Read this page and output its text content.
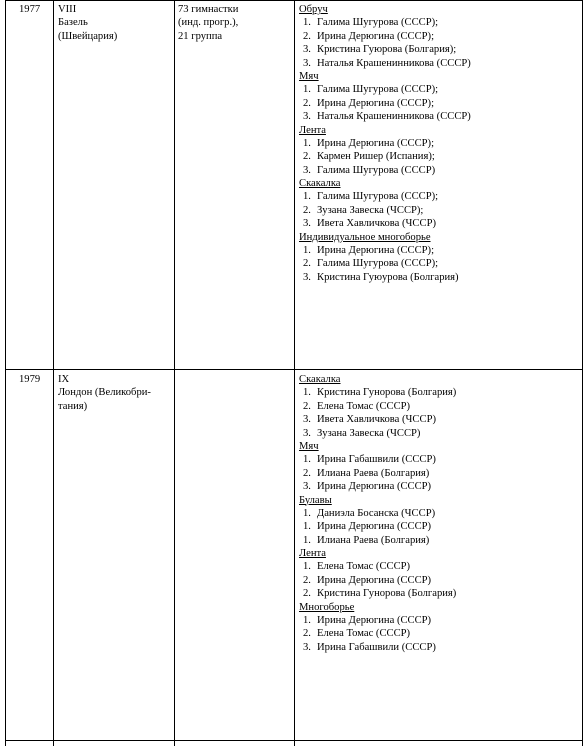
1977 VIII
Базель
(Швейцария)
73 гимнастки
(инд. прогр.),
21 группа
Обруч
1. Галима Шугурова (СССР);
2. Ирина Дерюгина (СССР);
3. Кристина Гуюрова (Болгария);
3. Наталья Крашенинникова (СССР)
Мяч
1. Галима Шугурова (СССР);
2. Ирина Дерюгина (СССР);
3. Наталья Крашенинникова (СССР)
Лента
1. Ирина Дерюгина (СССР);
2. Кармен Ришер (Испания);
3. Галима Шугурова (СССР)
Скакалка
1. Галима Шугурова (СССР);
2. Зузана Завеска (ЧССР);
3. Ивета Хавличкова (ЧССР)
Индивидуальное многоборье
1. Ирина Дерюгина (СССР);
2. Галима Шугурова (СССР);
3. Кристина Гуюурова (Болгария)
1979 IX
Лондон (Великобри-
тания)
Скакалка
1. Кристина Гунорова (Болгария)
2. Елена Томас (СССР)
3. Ивета Хавличкова (ЧССР)
3. Зузана Завеска (ЧССР)
Мяч
1. Ирина Габашвили (СССР)
2. Илиана Раева (Болгария)
3. Ирина Дерюгина (СССР)
Булавы
1. Даниэла Босанска (ЧССР)
1. Ирина Дерюгина (СССР)
1. Илиана Раева (Болгария)
Лента
1. Елена Томас (СССР)
2. Ирина Дерюгина (СССР)
2. Кристина Гунорова (Болгария)
Многоборье
1. Ирина Дерюгина (СССР)
2. Елена Томас (СССР)
3. Ирина Габашвили (СССР)
